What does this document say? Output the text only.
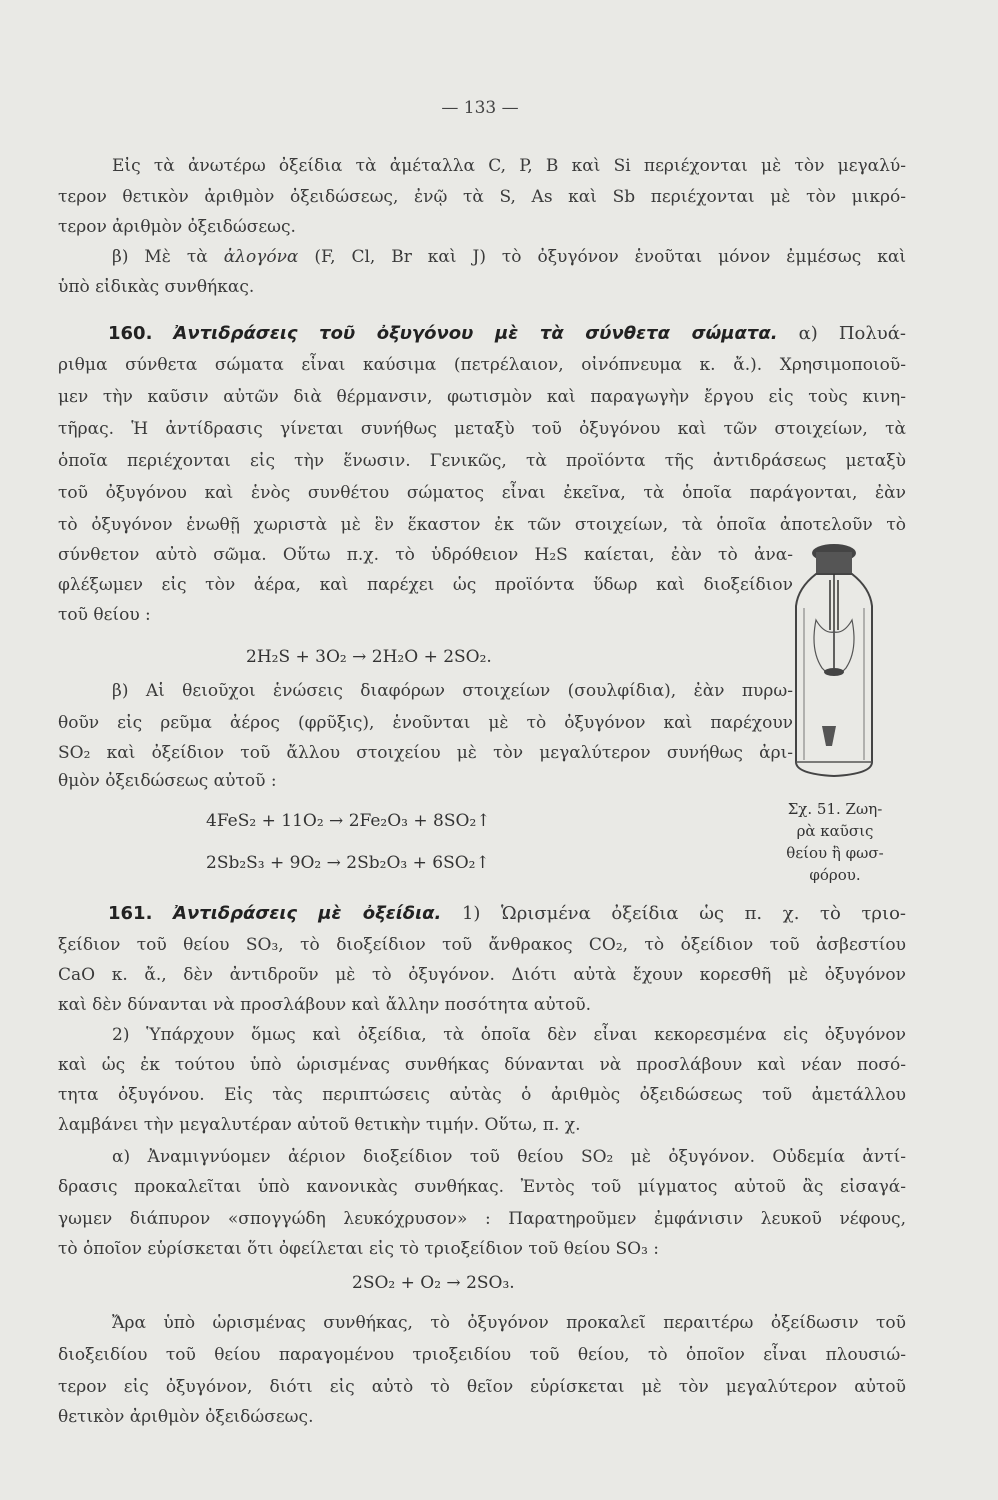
— 133 —
Εἰς τὰ ἀνωτέρω ὀξείδια τὰ ἀμέταλλα C, P, B καὶ Si περιέχονται μὲ τὸν μεγαλύ-
τερον θετικὸν ἀριθμὸν ὀξειδώσεως, ἐνῷ τὰ S, As καὶ Sb περιέχονται μὲ τὸν μικρό-
τερον ἀριθμὸν ὀξειδώσεως.
β) Μὲ τὰ ἀλογόνα (F, Cl, Br καὶ J) τὸ ὀξυγόνον ἑνοῦται μόνον ἐμμέσως καὶ
ὑπὸ εἰδικὰς συνθήκας.
160. Ἀντιδράσεις τοῦ ὀξυγόνου μὲ τὰ σύνθετα σώματα. α) Πολυά-
ριθμα σύνθετα σώματα εἶναι καύσιμα (πετρέλαιον, οἰνόπνευμα κ. ἄ.). Χρησιμοποιοῦ-
μεν τὴν καῦσιν αὐτῶν διὰ θέρμανσιν, φωτισμὸν καὶ παραγωγὴν ἔργου εἰς τοὺς κινη-
τῆρας. Ἡ ἀντίδρασις γίνεται συνήθως μεταξὺ τοῦ ὀξυγόνου καὶ τῶν στοιχείων, τὰ
ὁποῖα περιέχονται εἰς τὴν ἕνωσιν. Γενικῶς, τὰ προϊόντα τῆς ἀντιδράσεως μεταξὺ
τοῦ ὀξυγόνου καὶ ἑνὸς συνθέτου σώματος εἶναι ἐκεῖνα, τὰ ὁποῖα παράγονται, ἐὰν
τὸ ὀξυγόνον ἑνωθῇ χωριστὰ μὲ ἓν ἕκαστον ἐκ τῶν στοιχείων, τὰ ὁποῖα ἀποτελοῦν τὸ
σύνθετον αὐτὸ σῶμα. Οὕτω π.χ. τὸ ὑδρόθειον H₂S καίεται, ἐὰν τὸ ἀνα-
φλέξωμεν εἰς τὸν ἀέρα, καὶ παρέχει ὡς προϊόντα ὕδωρ καὶ διοξείδιον
τοῦ θείου :
2H₂S + 3O₂ → 2H₂O + 2SO₂.
β) Αἱ θειοῦχοι ἑνώσεις διαφόρων στοιχείων (σουλφίδια), ἐὰν πυρω-
θοῦν εἰς ρεῦμα ἀέρος (φρῦξις), ἑνοῦνται μὲ τὸ ὀξυγόνον καὶ παρέχουν
SO₂ καὶ ὀξείδιον τοῦ ἄλλου στοιχείου μὲ τὸν μεγαλύτερον συνήθως ἀρι-
θμὸν ὀξειδώσεως αὐτοῦ :
4FeS₂ + 11O₂ → 2Fe₂O₃ + 8SO₂↑
2Sb₂S₃ + 9O₂ → 2Sb₂O₃ + 6SO₂↑
Σχ. 51. Ζωη-
ρὰ καῦσις
θείου ἢ φωσ-
φόρου.
161. Ἀντιδράσεις μὲ ὀξείδια. 1) Ὡρισμένα ὀξείδια ὡς π. χ. τὸ τριο-
ξείδιον τοῦ θείου SO₃, τὸ διοξείδιον τοῦ ἄνθρακος CO₂, τὸ ὀξείδιον τοῦ ἀσβεστίου
CaO κ. ἄ., δὲν ἀντιδροῦν μὲ τὸ ὀξυγόνον. Διότι αὐτὰ ἔχουν κορεσθῆ μὲ ὀξυγόνον
καὶ δὲν δύνανται νὰ προσλάβουν καὶ ἄλλην ποσότητα αὐτοῦ.
2) Ὑπάρχουν ὅμως καὶ ὀξείδια, τὰ ὁποῖα δὲν εἶναι κεκορεσμένα εἰς ὀξυγόνον
καὶ ὡς ἐκ τούτου ὑπὸ ὡρισμένας συνθήκας δύνανται νὰ προσλάβουν καὶ νέαν ποσό-
τητα ὀξυγόνου. Εἰς τὰς περιπτώσεις αὐτὰς ὁ ἀριθμὸς ὀξειδώσεως τοῦ ἀμετάλλου
λαμβάνει τὴν μεγαλυτέραν αὐτοῦ θετικὴν τιμήν. Οὕτω, π. χ.
α) Ἀναμιγνύομεν ἀέριον διοξείδιον τοῦ θείου SO₂ μὲ ὀξυγόνον. Οὐδεμία ἀντί-
δρασις προκαλεῖται ὑπὸ κανονικὰς συνθήκας. Ἐντὸς τοῦ μίγματος αὐτοῦ ἂς εἰσαγά-
γωμεν διάπυρον «σπογγώδη λευκόχρυσον» : Παρατηροῦμεν ἐμφάνισιν λευκοῦ νέφους,
τὸ ὁποῖον εὑρίσκεται ὅτι ὀφείλεται εἰς τὸ τριοξείδιον τοῦ θείου SO₃ :
2SO₂ + O₂ → 2SO₃.
Ἄρα ὑπὸ ὡρισμένας συνθήκας, τὸ ὀξυγόνον προκαλεῖ περαιτέρω ὀξείδωσιν τοῦ
διοξειδίου τοῦ θείου παραγομένου τριοξειδίου τοῦ θείου, τὸ ὁποῖον εἶναι πλουσιώ-
τερον εἰς ὀξυγόνον, διότι εἰς αὐτὸ τὸ θεῖον εὑρίσκεται μὲ τὸν μεγαλύτερον αὐτοῦ
θετικὸν ἀριθμὸν ὀξειδώσεως.
